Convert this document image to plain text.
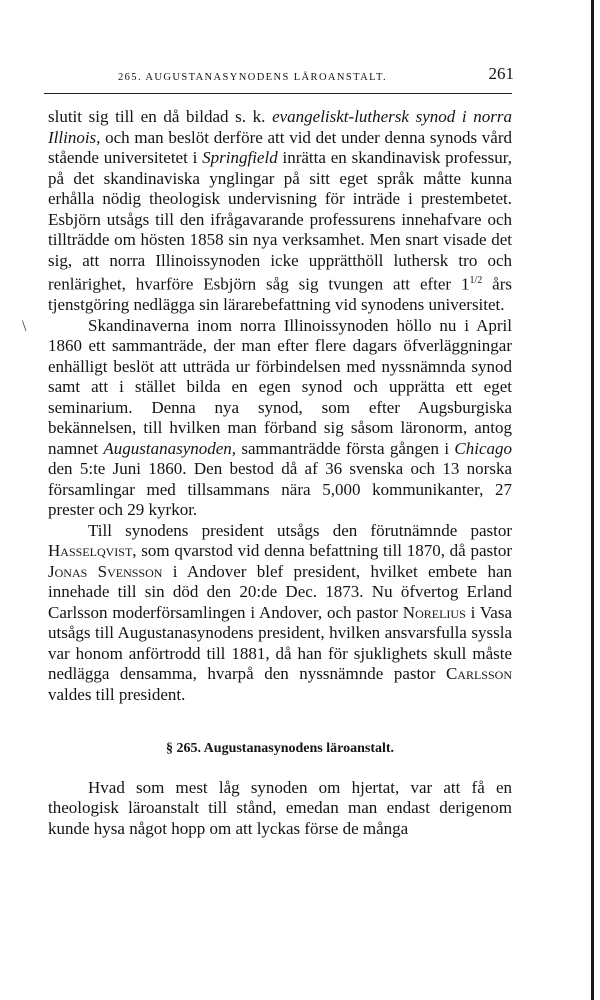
265. AUGUSTANASYNODENS LÄROANSTALT.	261
\

slutit sig till en då bildad s. k. evangeliskt-luthersk synod i norra Illinois, och man beslöt derföre att vid det under denna synods vård stående universitetet i Springfield inrätta en skandinavisk professur, på det skandinaviska ynglingar på sitt eget språk måtte kunna erhålla nödig theologisk undervisning för inträde i prestembetet. Esbjörn utsågs till den ifrågavarande professurens innehafvare och tillträdde om hösten 1858 sin nya verksamhet. Men snart visade det sig, att norra Illinoissynoden icke upprätthöll luthersk tro och renlärighet, hvarföre Esbjörn såg sig tvungen att efter $1^{1/2}$ års tjenstgöring nedlägga sin lärarebefattning vid synodens universitet.

Skandinaverna inom norra Illinoissynoden höllo nu i April 1860 ett sammanträde, der man efter flere dagars öfverläggningar enhälligt beslöt att utträda ur förbindelsen med nyssnämnda synod samt att i stället bilda en egen synod och upprätta ett eget seminarium. Denna nya synod, som efter Augsburgiska bekännelsen, till hvilken man förband sig såsom läronorm, antog namnet Augustanasynoden, sammanträdde första gången i Chicago den 5:te Juni 1860. Den bestod då af 36 svenska och 13 norska församlingar med tillsammans nära 5,000 kommunikanter, 27 prester och 29 kyrkor.

Till synodens president utsågs den förutnämnde pastor Hasselqvist, som qvarstod vid denna befattning till 1870, då pastor Jonas Svensson i Andover blef president, hvilket embete han innehade till sin död den 20:de Dec. 1873. Nu öfvertog Erland Carlsson moderförsamlingen i Andover, och pastor Norelius i Vasa utsågs till Augustanasynodens president, hvilken ansvarsfulla syssla var honom anförtrodd till 1881, då han för sjuklighets skull måste nedlägga densamma, hvarpå den nyssnämnde pastor Carlsson valdes till president.

§ 265. Augustanasynodens läroanstalt.

Hvad som mest låg synoden om hjertat, var att få en theologisk läroanstalt till stånd, emedan man endast derigenom kunde hysa något hopp om att lyckas förse de många
